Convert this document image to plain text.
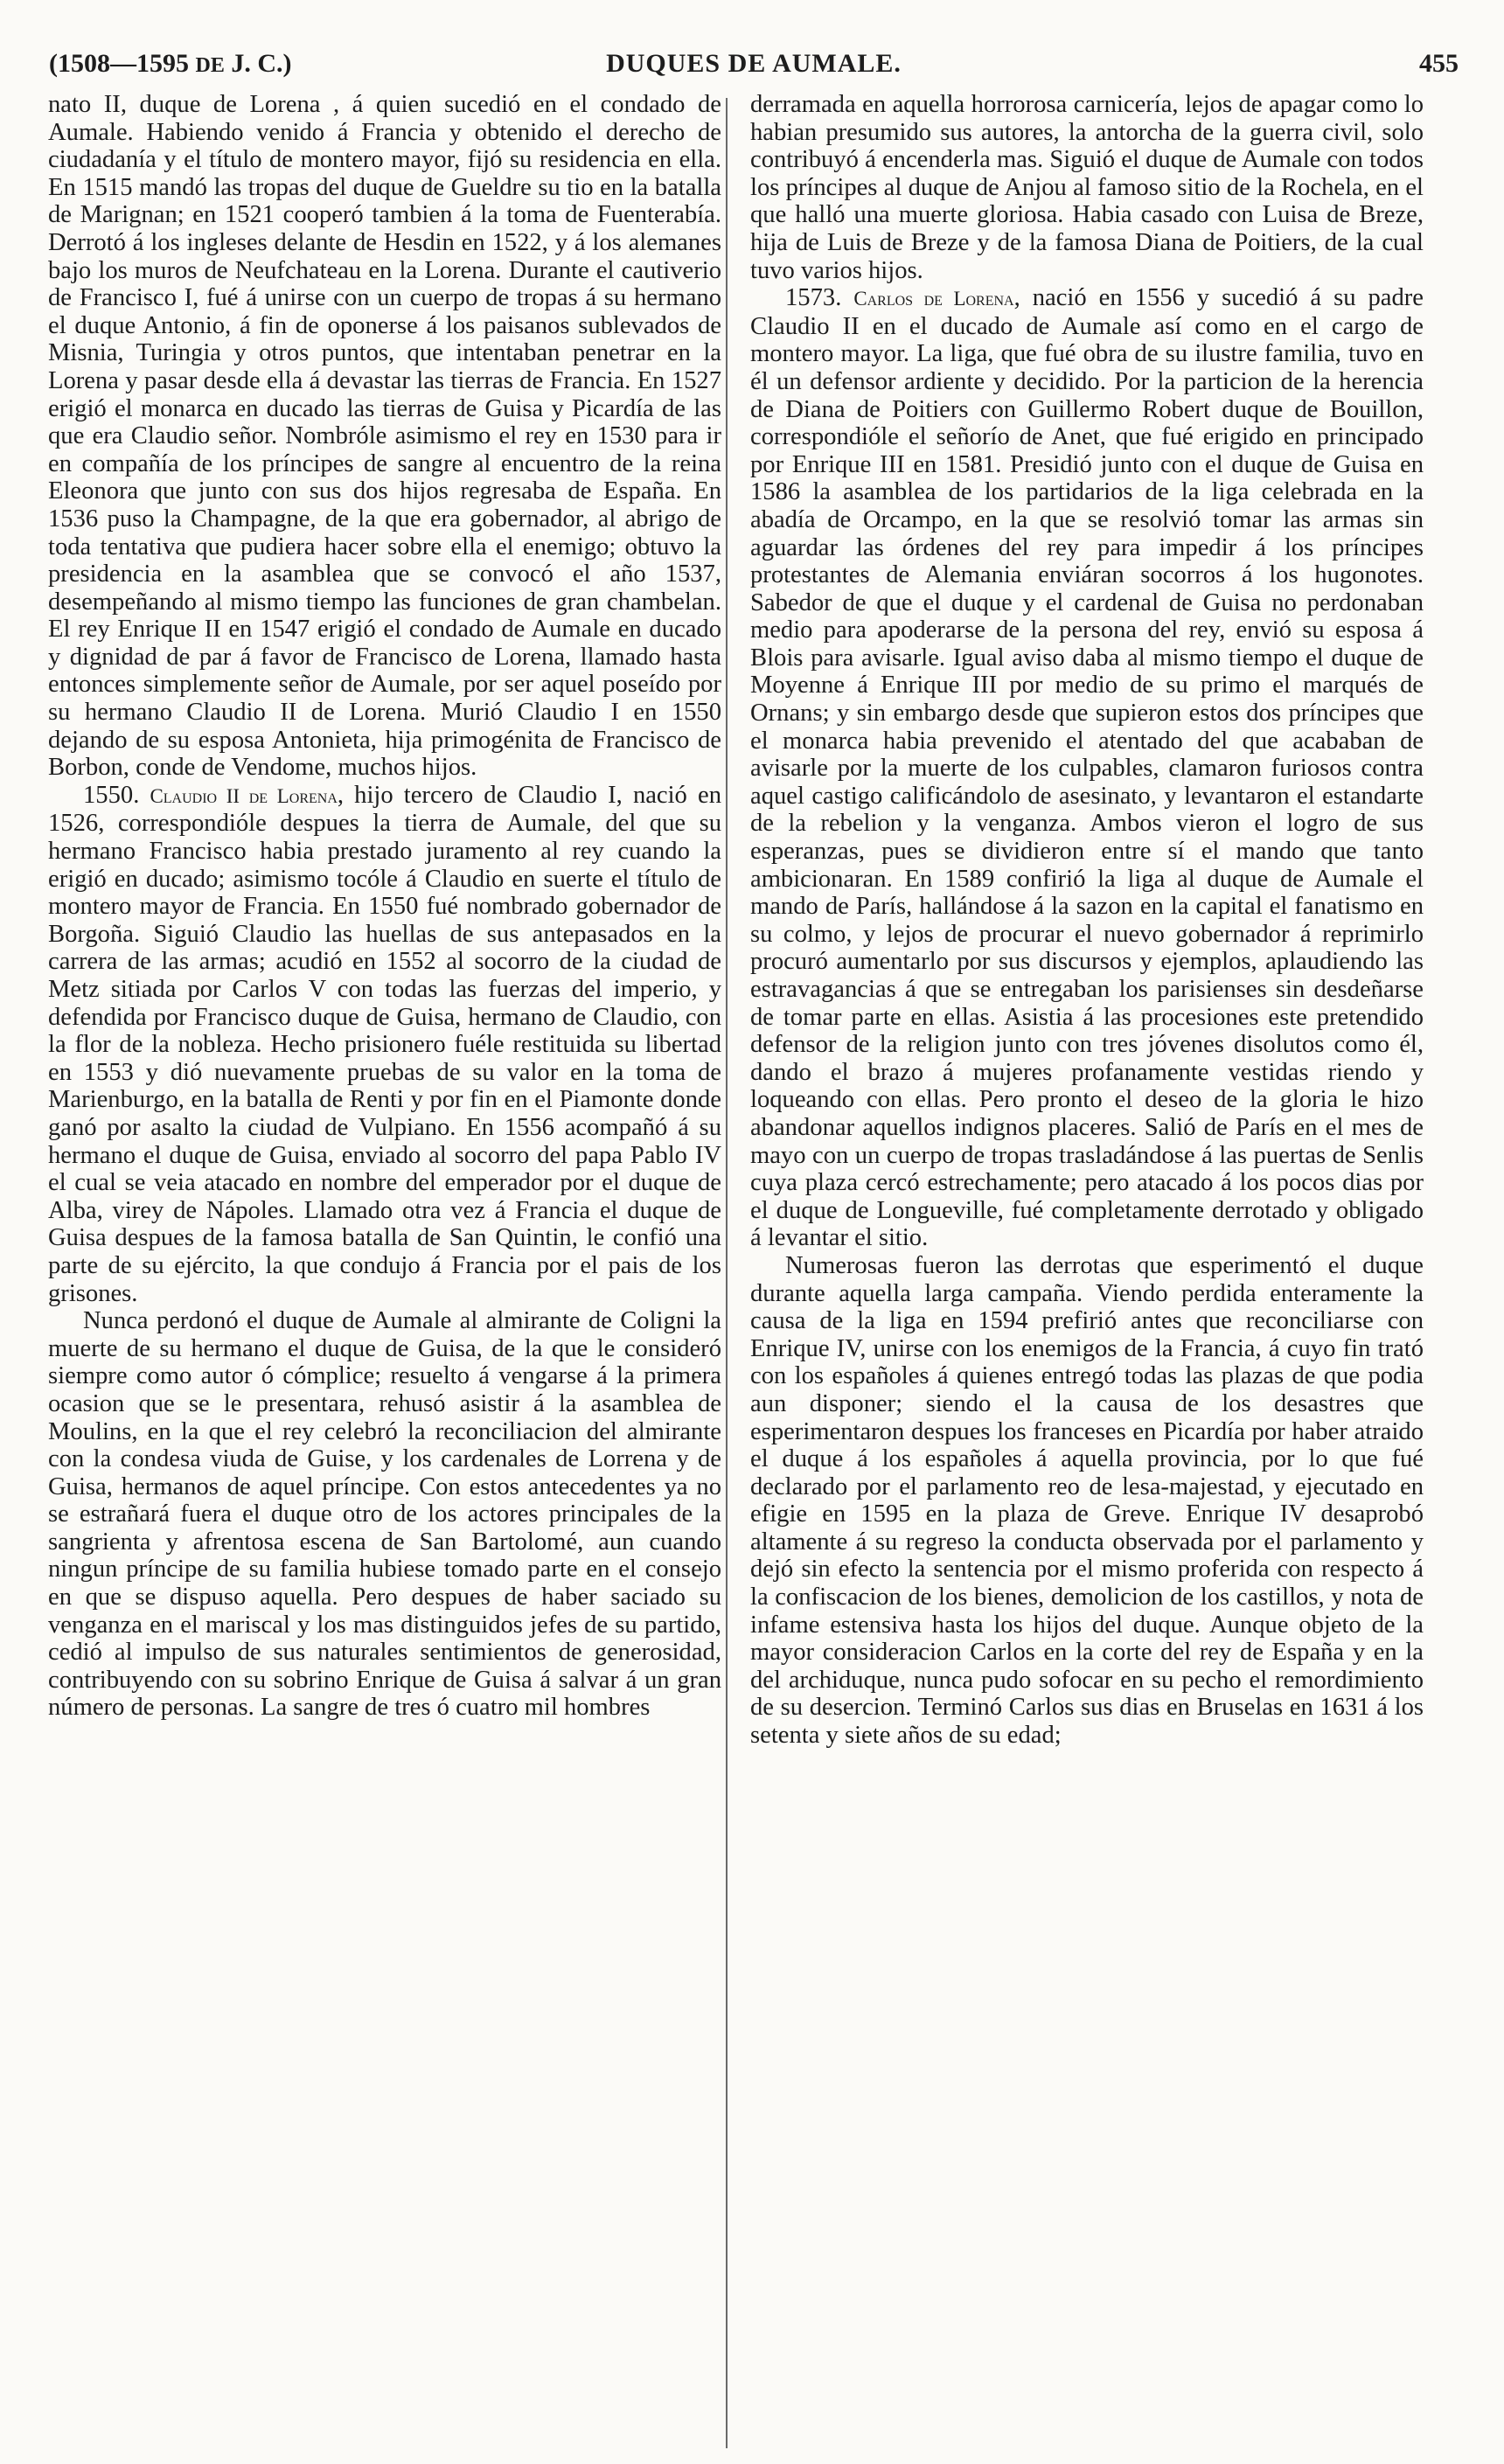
(1508—1595 DE J. C.)	DUQUES DE AUMALE.	455

nato II, duque de Lorena , á quien sucedió en el condado de Aumale. Habiendo venido á Francia y obtenido el derecho de ciudadanía y el título de montero mayor, fijó su residencia en ella. En 1515 mandó las tropas del duque de Gueldre su tio en la batalla de Marignan; en 1521 cooperó tambien á la toma de Fuenterabía. Derrotó á los ingleses delante de Hesdin en 1522, y á los alemanes bajo los muros de Neufchateau en la Lorena. Durante el cautiverio de Francisco I, fué á unirse con un cuerpo de tropas á su hermano el duque Antonio, á fin de oponerse á los paisanos sublevados de Misnia, Turingia y otros puntos, que intentaban penetrar en la Lorena y pasar desde ella á devastar las tierras de Francia. En 1527 erigió el monarca en ducado las tierras de Guisa y Picardía de las que era Claudio señor. Nombróle asimismo el rey en 1530 para ir en compañía de los príncipes de sangre al encuentro de la reina Eleonora que junto con sus dos hijos regresaba de España. En 1536 puso la Champagne, de la que era gobernador, al abrigo de toda tentativa que pudiera hacer sobre ella el enemigo; obtuvo la presidencia en la asamblea que se convocó el año 1537, desempeñando al mismo tiempo las funciones de gran chambelan. El rey Enrique II en 1547 erigió el condado de Aumale en ducado y dignidad de par á favor de Francisco de Lorena, llamado hasta entonces simplemente señor de Aumale, por ser aquel poseído por su hermano Claudio II de Lorena. Murió Claudio I en 1550 dejando de su esposa Antonieta, hija primogénita de Francisco de Borbon, conde de Vendome, muchos hijos.

1550. Claudio II de Lorena, hijo tercero de Claudio I, nació en 1526, correspondióle despues la tierra de Aumale, del que su hermano Francisco habia prestado juramento al rey cuando la erigió en ducado; asimismo tocóle á Claudio en suerte el título de montero mayor de Francia. En 1550 fué nombrado gobernador de Borgoña. Siguió Claudio las huellas de sus antepasados en la carrera de las armas; acudió en 1552 al socorro de la ciudad de Metz sitiada por Carlos V con todas las fuerzas del imperio, y defendida por Francisco duque de Guisa, hermano de Claudio, con la flor de la nobleza. Hecho prisionero fuéle restituida su libertad en 1553 y dió nuevamente pruebas de su valor en la toma de Marienburgo, en la batalla de Renti y por fin en el Piamonte donde ganó por asalto la ciudad de Vulpiano. En 1556 acompañó á su hermano el duque de Guisa, enviado al socorro del papa Pablo IV el cual se veia atacado en nombre del emperador por el duque de Alba, virey de Nápoles. Llamado otra vez á Francia el duque de Guisa despues de la famosa batalla de San Quintin, le confió una parte de su ejército, la que condujo á Francia por el pais de los grisones.

Nunca perdonó el duque de Aumale al almirante de Coligni la muerte de su hermano el duque de Guisa, de la que le consideró siempre como autor ó cómplice; resuelto á vengarse á la primera ocasion que se le presentara, rehusó asistir á la asamblea de Moulins, en la que el rey celebró la reconciliacion del almirante con la condesa viuda de Guise, y los cardenales de Lorrena y de Guisa, hermanos de aquel príncipe. Con estos antecedentes ya no se estrañará fuera el duque otro de los actores principales de la sangrienta y afrentosa escena de San Bartolomé, aun cuando ningun príncipe de su familia hubiese tomado parte en el consejo en que se dispuso aquella. Pero despues de haber saciado su venganza en el mariscal y los mas distinguidos jefes de su partido, cedió al impulso de sus naturales sentimientos de generosidad, contribuyendo con su sobrino Enrique de Guisa á salvar á un gran número de personas. La sangre de tres ó cuatro mil hombres

derramada en aquella horrorosa carnicería, lejos de apagar como lo habian presumido sus autores, la antorcha de la guerra civil, solo contribuyó á encenderla mas. Siguió el duque de Aumale con todos los príncipes al duque de Anjou al famoso sitio de la Rochela, en el que halló una muerte gloriosa. Habia casado con Luisa de Breze, hija de Luis de Breze y de la famosa Diana de Poitiers, de la cual tuvo varios hijos.

1573. Carlos de Lorena, nació en 1556 y sucedió á su padre Claudio II en el ducado de Aumale así como en el cargo de montero mayor. La liga, que fué obra de su ilustre familia, tuvo en él un defensor ardiente y decidido. Por la particion de la herencia de Diana de Poitiers con Guillermo Robert duque de Bouillon, correspondióle el señorío de Anet, que fué erigido en principado por Enrique III en 1581. Presidió junto con el duque de Guisa en 1586 la asamblea de los partidarios de la liga celebrada en la abadía de Orcampo, en la que se resolvió tomar las armas sin aguardar las órdenes del rey para impedir á los príncipes protestantes de Alemania enviáran socorros á los hugonotes. Sabedor de que el duque y el cardenal de Guisa no perdonaban medio para apoderarse de la persona del rey, envió su esposa á Blois para avisarle. Igual aviso daba al mismo tiempo el duque de Moyenne á Enrique III por medio de su primo el marqués de Ornans; y sin embargo desde que supieron estos dos príncipes que el monarca habia prevenido el atentado del que acababan de avisarle por la muerte de los culpables, clamaron furiosos contra aquel castigo calificándolo de asesinato, y levantaron el estandarte de la rebelion y la venganza. Ambos vieron el logro de sus esperanzas, pues se dividieron entre sí el mando que tanto ambicionaran. En 1589 confirió la liga al duque de Aumale el mando de París, hallándose á la sazon en la capital el fanatismo en su colmo, y lejos de procurar el nuevo gobernador á reprimirlo procuró aumentarlo por sus discursos y ejemplos, aplaudiendo las estravagancias á que se entregaban los parisienses sin desdeñarse de tomar parte en ellas. Asistia á las procesiones este pretendido defensor de la religion junto con tres jóvenes disolutos como él, dando el brazo á mujeres profanamente vestidas riendo y loqueando con ellas. Pero pronto el deseo de la gloria le hizo abandonar aquellos indignos placeres. Salió de París en el mes de mayo con un cuerpo de tropas trasladándose á las puertas de Senlis cuya plaza cercó estrechamente; pero atacado á los pocos dias por el duque de Longueville, fué completamente derrotado y obligado á levantar el sitio.

Numerosas fueron las derrotas que esperimentó el duque durante aquella larga campaña. Viendo perdida enteramente la causa de la liga en 1594 prefirió antes que reconciliarse con Enrique IV, unirse con los enemigos de la Francia, á cuyo fin trató con los españoles á quienes entregó todas las plazas de que podia aun disponer; siendo el la causa de los desastres que esperimentaron despues los franceses en Picardía por haber atraido el duque á los españoles á aquella provincia, por lo que fué declarado por el parlamento reo de lesa-majestad, y ejecutado en efigie en 1595 en la plaza de Greve. Enrique IV desaprobó altamente á su regreso la conducta observada por el parlamento y dejó sin efecto la sentencia por el mismo proferida con respecto á la confiscacion de los bienes, demolicion de los castillos, y nota de infame estensiva hasta los hijos del duque. Aunque objeto de la mayor consideracion Carlos en la corte del rey de España y en la del archiduque, nunca pudo sofocar en su pecho el remordimiento de su desercion. Terminó Carlos sus dias en Bruselas en 1631 á los setenta y siete años de su edad;
